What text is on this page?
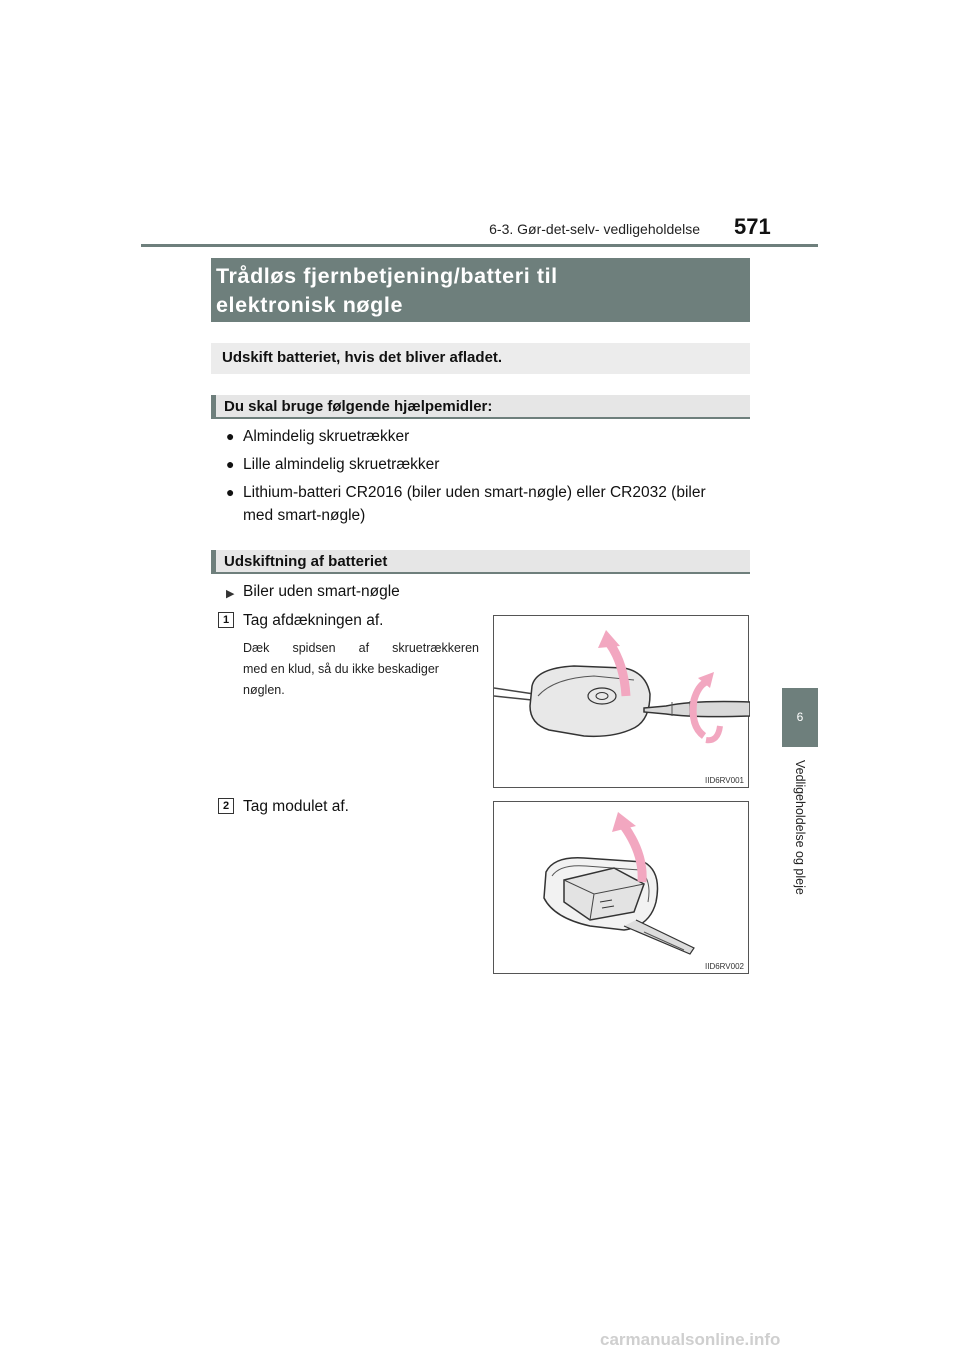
6-3. Gør-det-selv- vedligeholdelse 571
Trådløs fjernbetjening/batteri til
elektronisk nøgle
Udskift batteriet, hvis det bliver afladet.
Du skal bruge følgende hjælpemidler:
● Almindelig skruetrækker
● Lille almindelig skruetrækker
● Lithium-batteri CR2016 (biler uden smart-nøgle) eller CR2032 (biler
med smart-nøgle)
Udskiftning af batteriet
▶ Biler uden smart-nøgle
1 Tag afdækningen af.
Dæk spidsen af skruetrækkeren
med en klud, så du ikke beskadiger
nøglen.
IID6RV001
2 Tag modulet af.
IID6RV002
6
Vedligeholdelse og pleje
carmanualsonline.info
